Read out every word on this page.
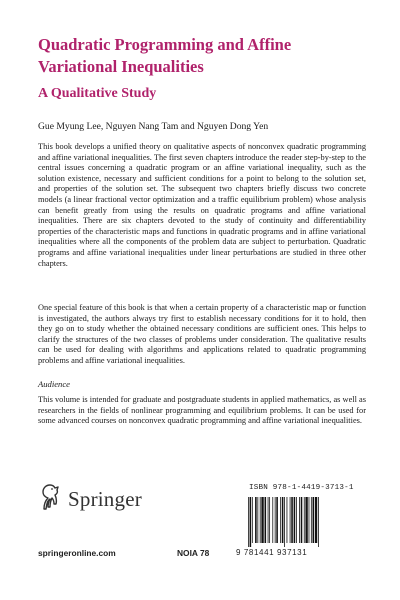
Quadratic Programming and Affine Variational Inequalities
A Qualitative Study
Gue Myung Lee, Nguyen Nang Tam and Nguyen Dong Yen

This book develops a unified theory on qualitative aspects of nonconvex quadratic programming and affine variational inequalities. The first seven chapters introduce the reader step-by-step to the central issues concerning a quadratic program or an affine variational inequality, such as the solution existence, necessary and sufficient conditions for a point to belong to the solution set, and properties of the solution set. The subsequent two chapters briefly discuss two concrete models (a linear fractional vector optimization and a traffic equilibrium problem) whose analysis can benefit greatly from using the results on quadratic programs and affine variational inequalities. There are six chapters devoted to the study of continuity and differentiability properties of the characteristic maps and functions in quadratic programs and in affine variational inequalities where all the components of the problem data are subject to perturbation. Quadratic programs and affine variational inequalities under linear perturbations are studied in three other chapters.

One special feature of this book is that when a certain property of a characteristic map or function is investigated, the authors always try first to establish necessary conditions for it to hold, then they go on to study whether the obtained necessary conditions are sufficient ones. This helps to clarify the structures of the two classes of problems under consideration. The qualitative results can be used for dealing with algorithms and applications related to quadratic programming problems and affine variational inequalities.

Audience

This volume is intended for graduate and postgraduate students in applied mathematics, as well as researchers in the fields of nonlinear programming and equilibrium problems. It can be used for some advanced courses on nonconvex quadratic programming and affine variational inequalities.

Springer
springeronline.com	NOIA 78
ISBN 978-1-4419-3713-1
9 781441 937131
